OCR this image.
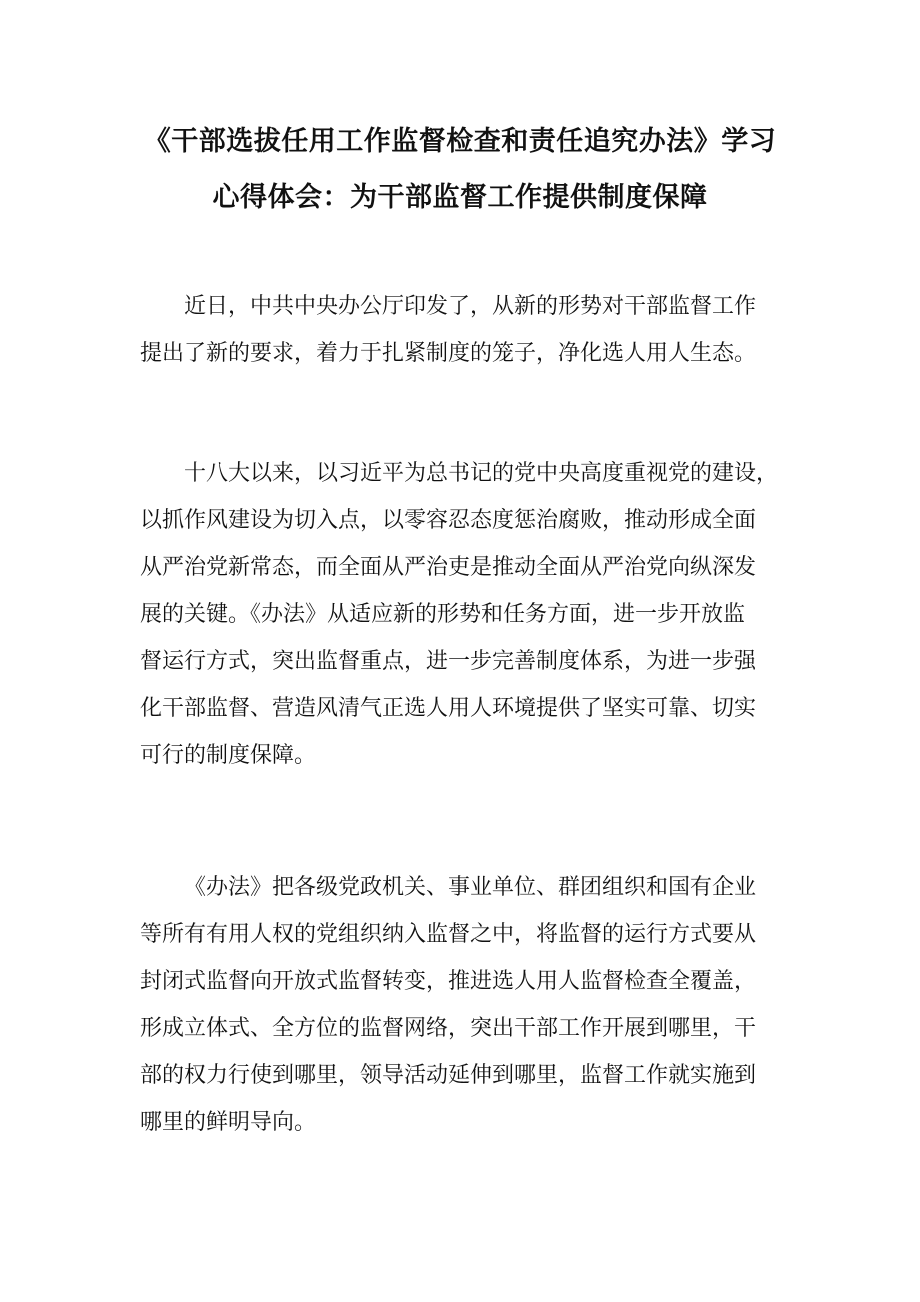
《干部选拔任用工作监督检查和责任追究办法》学习
心得体会：为干部监督工作提供制度保障

近日，中共中央办公厅印发了，从新的形势对干部监督工作
提出了新的要求，着力于扎紧制度的笼子，净化选人用人生态。

十八大以来，以习近平为总书记的党中央高度重视党的建设，
以抓作风建设为切入点，以零容忍态度惩治腐败，推动形成全面
从严治党新常态，而全面从严治吏是推动全面从严治党向纵深发
展的关键。《办法》从适应新的形势和任务方面，进一步开放监
督运行方式，突出监督重点，进一步完善制度体系，为进一步强
化干部监督、营造风清气正选人用人环境提供了坚实可靠、切实
可行的制度保障。

《办法》把各级党政机关、事业单位、群团组织和国有企业
等所有有用人权的党组织纳入监督之中，将监督的运行方式要从
封闭式监督向开放式监督转变，推进选人用人监督检查全覆盖，
形成立体式、全方位的监督网络，突出干部工作开展到哪里，干
部的权力行使到哪里，领导活动延伸到哪里，监督工作就实施到
哪里的鲜明导向。
